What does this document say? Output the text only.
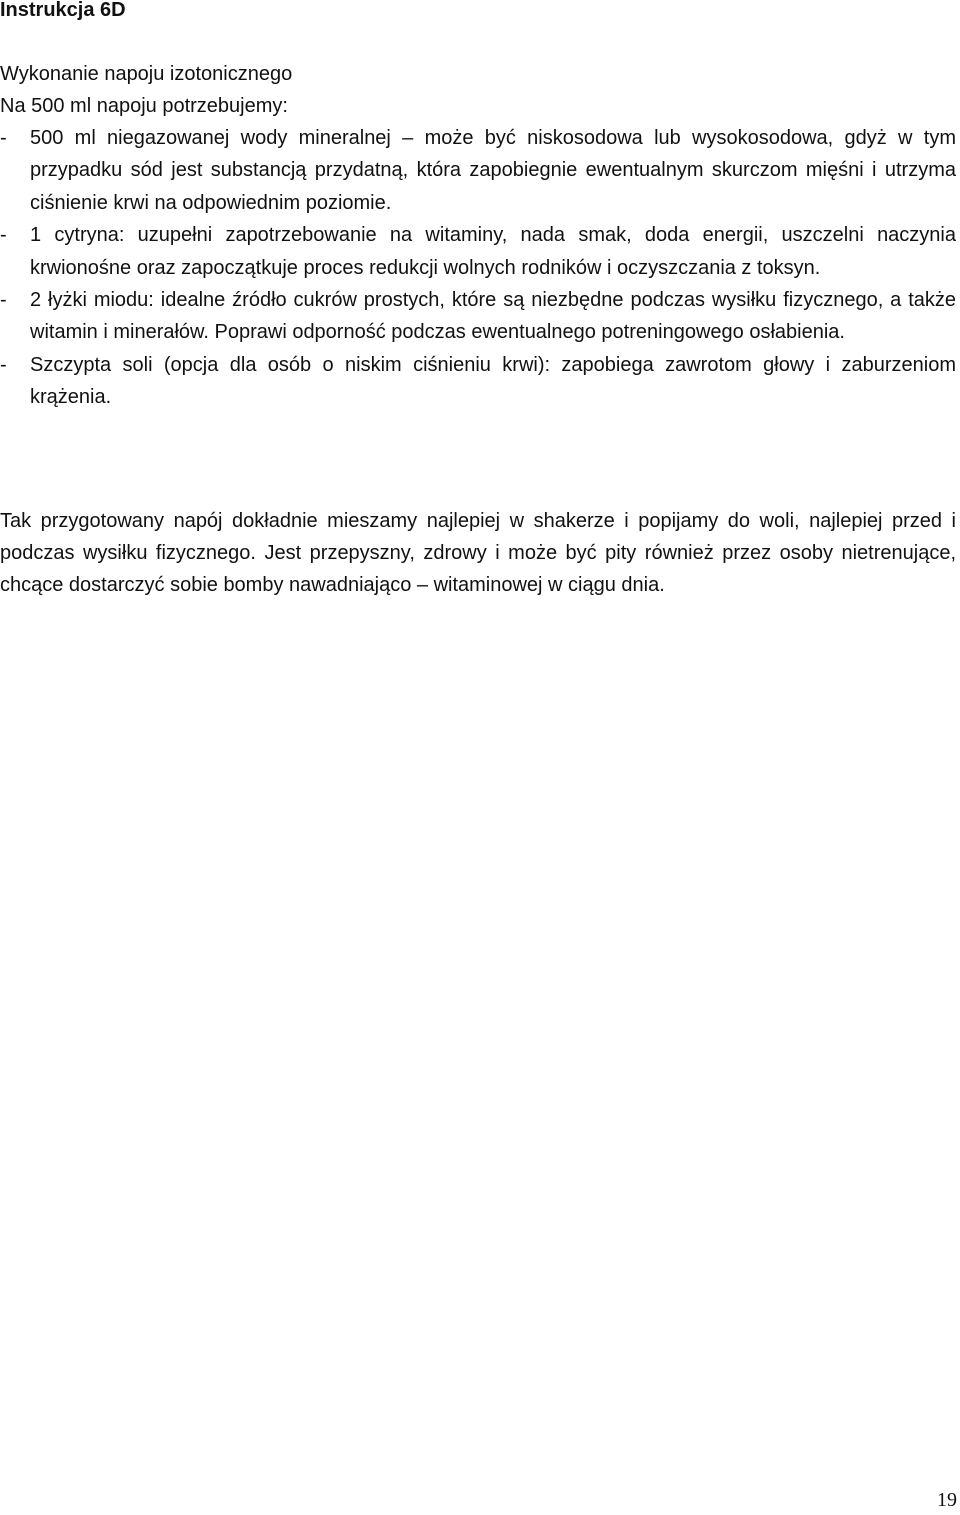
Instrukcja 6D
Wykonanie napoju izotonicznego
Na 500 ml napoju potrzebujemy:
- 500 ml niegazowanej wody mineralnej – może być niskosodowa lub wysokosodowa, gdyż w tym przypadku sód jest substancją przydatną, która zapobiegnie ewentualnym skurczom mięśni i utrzyma ciśnienie krwi na odpowiednim poziomie.
- 1 cytryna: uzupełni zapotrzebowanie na witaminy, nada smak, doda energii, uszczelni naczynia krwionośne oraz zapoczątkuje proces redukcji wolnych rodników i oczyszczania z toksyn.
- 2 łyżki miodu: idealne źródło cukrów prostych, które są niezbędne podczas wysiłku fizycznego, a także witamin i minerałów. Poprawi odporność podczas ewentualnego potreningowego osłabienia.
- Szczypta soli (opcja dla osób o niskim ciśnieniu krwi): zapobiega zawrotom głowy i zaburzeniom krążenia.

Tak przygotowany napój dokładnie mieszamy najlepiej w shakerze i popijamy do woli, najlepiej przed i podczas wysiłku fizycznego. Jest przepyszny, zdrowy i może być pity również przez osoby nietrenujące, chcące dostarczyć sobie bomby nawadniająco – witaminowej w ciągu dnia.

19
